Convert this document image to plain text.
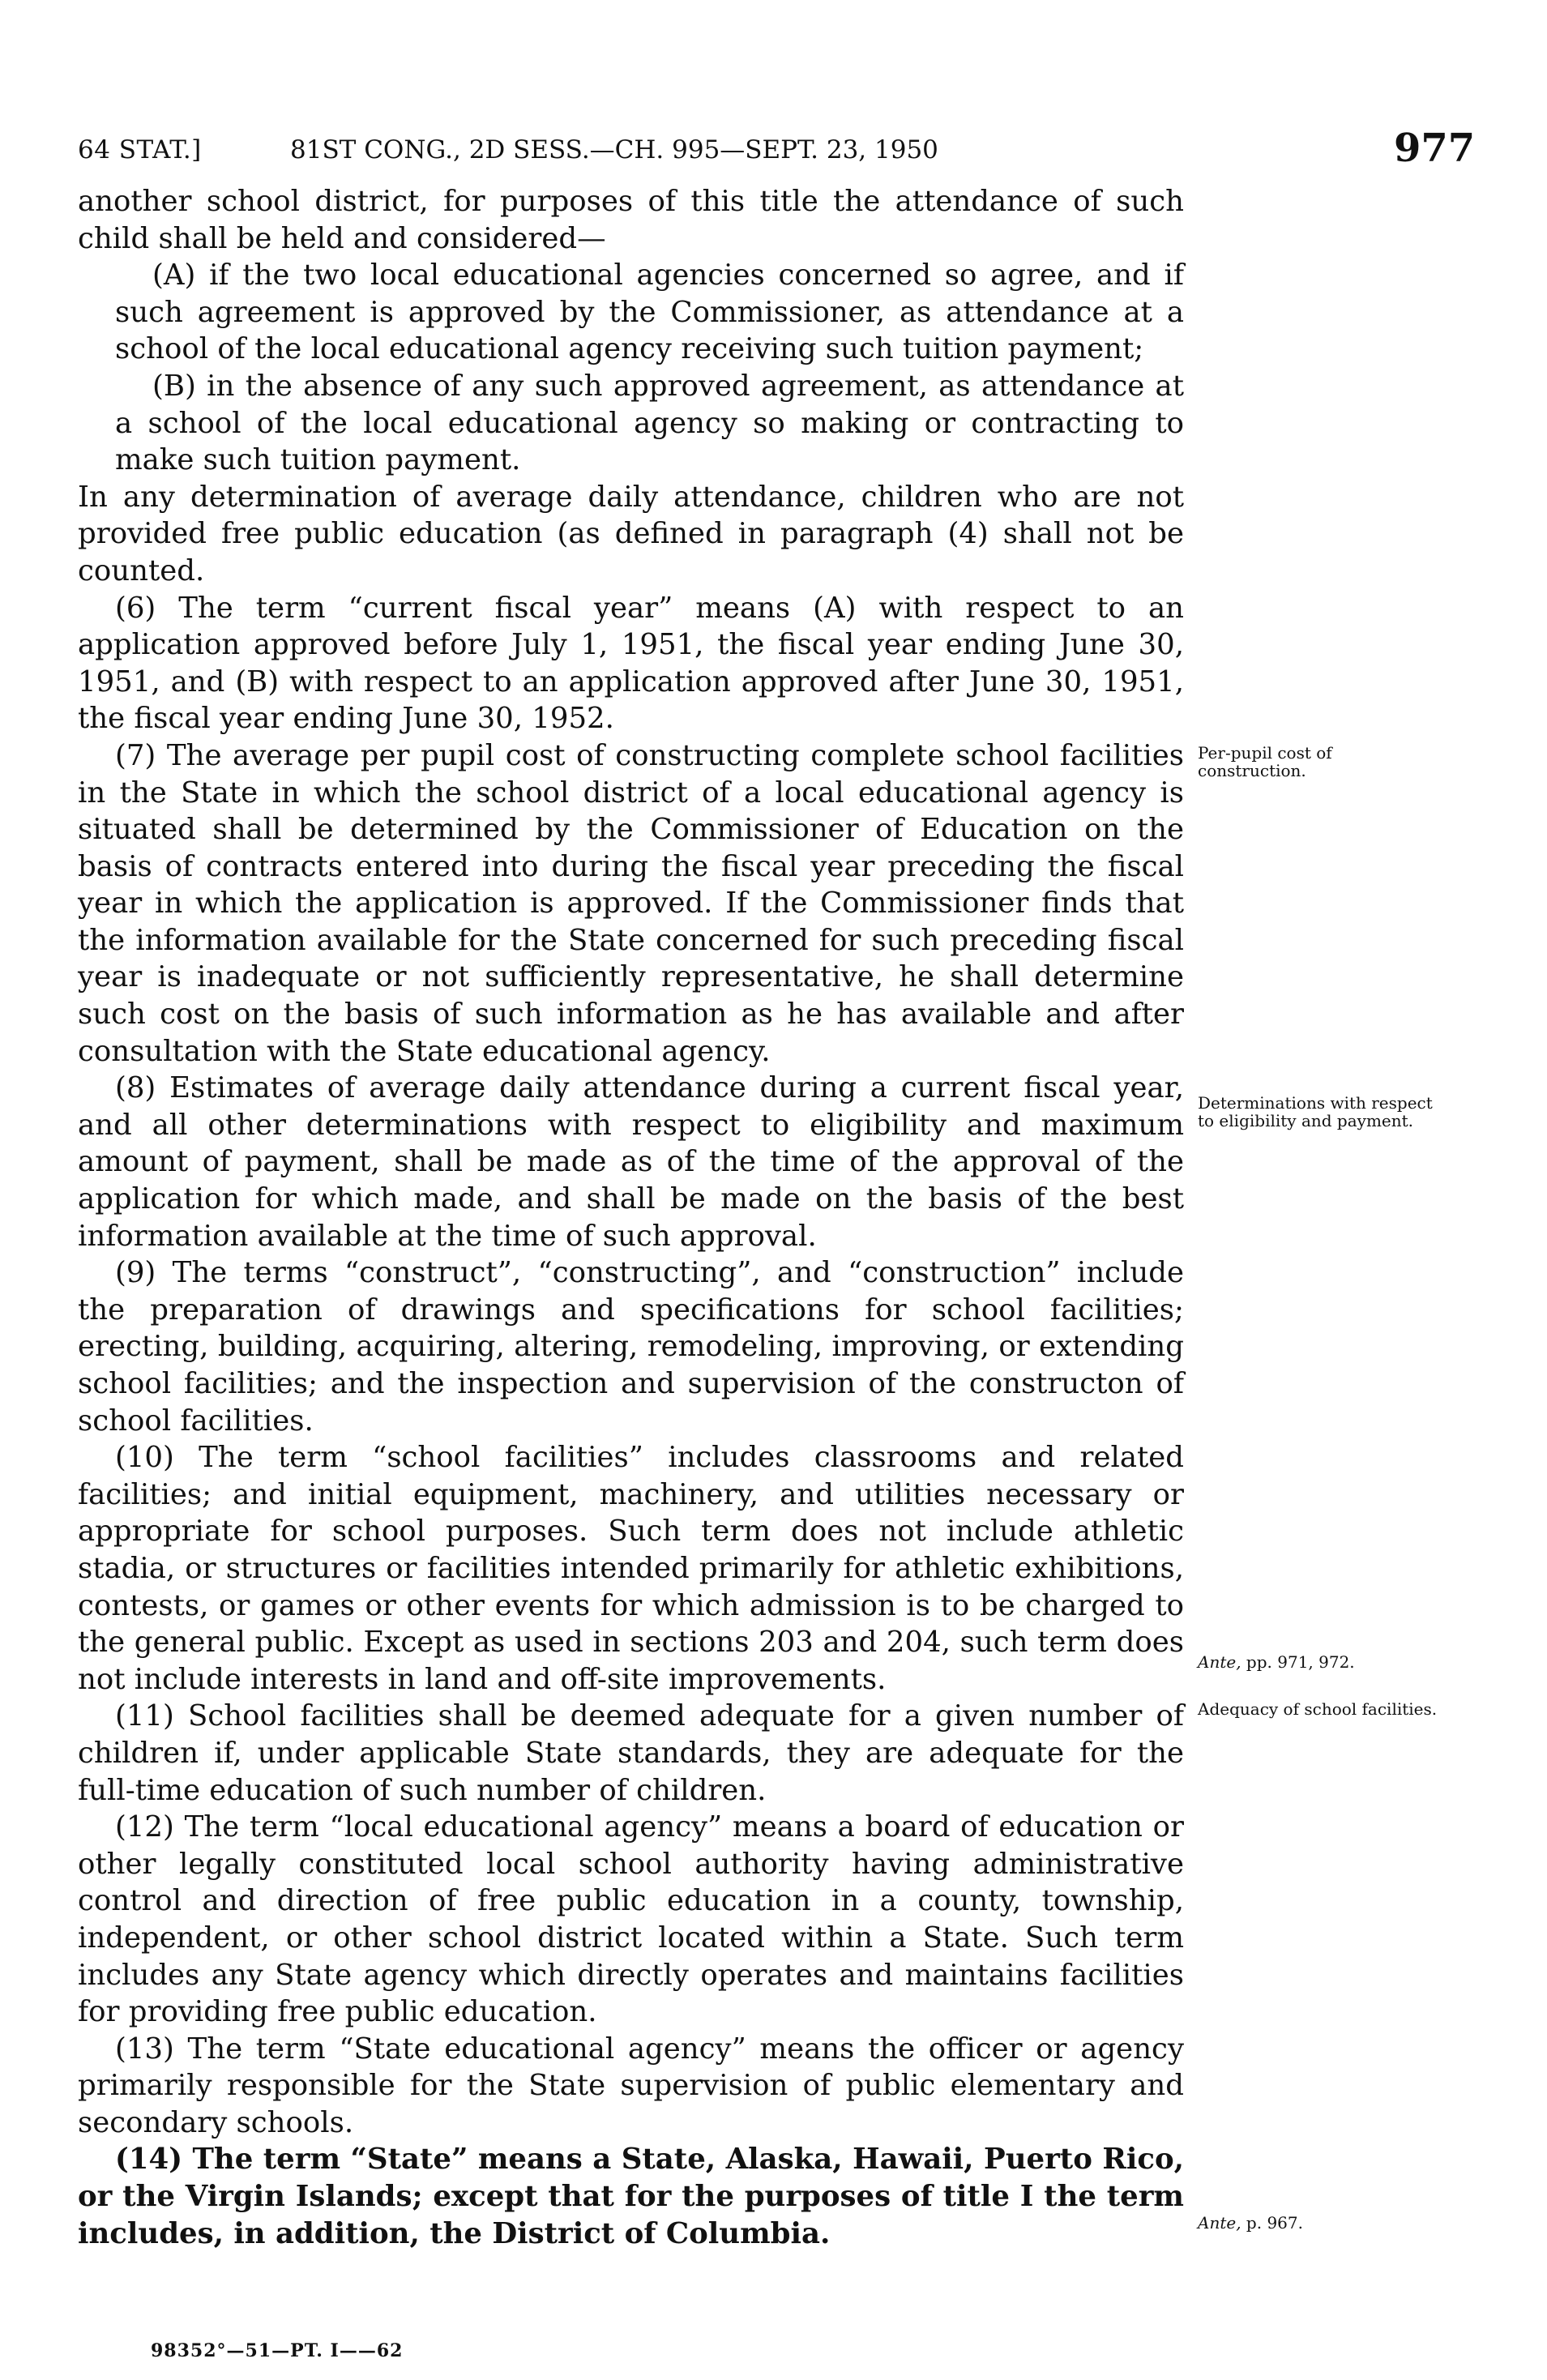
64 STAT.]	81ST CONG., 2D SESS.—CH. 995—SEPT. 23, 1950	977

another school district, for purposes of this title the attendance of such child shall be held and considered—

(A) if the two local educational agencies concerned so agree, and if such agreement is approved by the Commissioner, as attendance at a school of the local educational agency receiving such tuition payment;

(B) in the absence of any such approved agreement, as attendance at a school of the local educational agency so making or contracting to make such tuition payment.

In any determination of average daily attendance, children who are not provided free public education (as defined in paragraph (4) shall not be counted.

(6) The term “current fiscal year” means (A) with respect to an application approved before July 1, 1951, the fiscal year ending June 30, 1951, and (B) with respect to an application approved after June 30, 1951, the fiscal year ending June 30, 1952.

(7) The average per pupil cost of constructing complete school facilities in the State in which the school district of a local educational agency is situated shall be determined by the Commissioner of Education on the basis of contracts entered into during the fiscal year preceding the fiscal year in which the application is approved. If the Commissioner finds that the information available for the State concerned for such preceding fiscal year is inadequate or not sufficiently representative, he shall determine such cost on the basis of such information as he has available and after consultation with the State educational agency.

(8) Estimates of average daily attendance during a current fiscal year, and all other determinations with respect to eligibility and maximum amount of payment, shall be made as of the time of the approval of the application for which made, and shall be made on the basis of the best information available at the time of such approval.

(9) The terms “construct”, “constructing”, and “construction” include the preparation of drawings and specifications for school facilities; erecting, building, acquiring, altering, remodeling, improving, or extending school facilities; and the inspection and supervision of the constructon of school facilities.

(10) The term “school facilities” includes classrooms and related facilities; and initial equipment, machinery, and utilities necessary or appropriate for school purposes. Such term does not include athletic stadia, or structures or facilities intended primarily for athletic exhibitions, contests, or games or other events for which admission is to be charged to the general public. Except as used in sections 203 and 204, such term does not include interests in land and off-site improvements.

(11) School facilities shall be deemed adequate for a given number of children if, under applicable State standards, they are adequate for the full-time education of such number of children.

(12) The term “local educational agency” means a board of education or other legally constituted local school authority having administrative control and direction of free public education in a county, township, independent, or other school district located within a State. Such term includes any State agency which directly operates and maintains facilities for providing free public education.

(13) The term “State educational agency” means the officer or agency primarily responsible for the State supervision of public elementary and secondary schools.

(14) The term “State” means a State, Alaska, Hawaii, Puerto Rico, or the Virgin Islands; except that for the purposes of title I the term includes, in addition, the District of Columbia.

Per-pupil cost of construction.
Determinations with respect to eligibility and payment.
Ante, pp. 971, 972.
Adequacy of school facilities.
Ante, p. 967.
98352°—51—PT. I——62
